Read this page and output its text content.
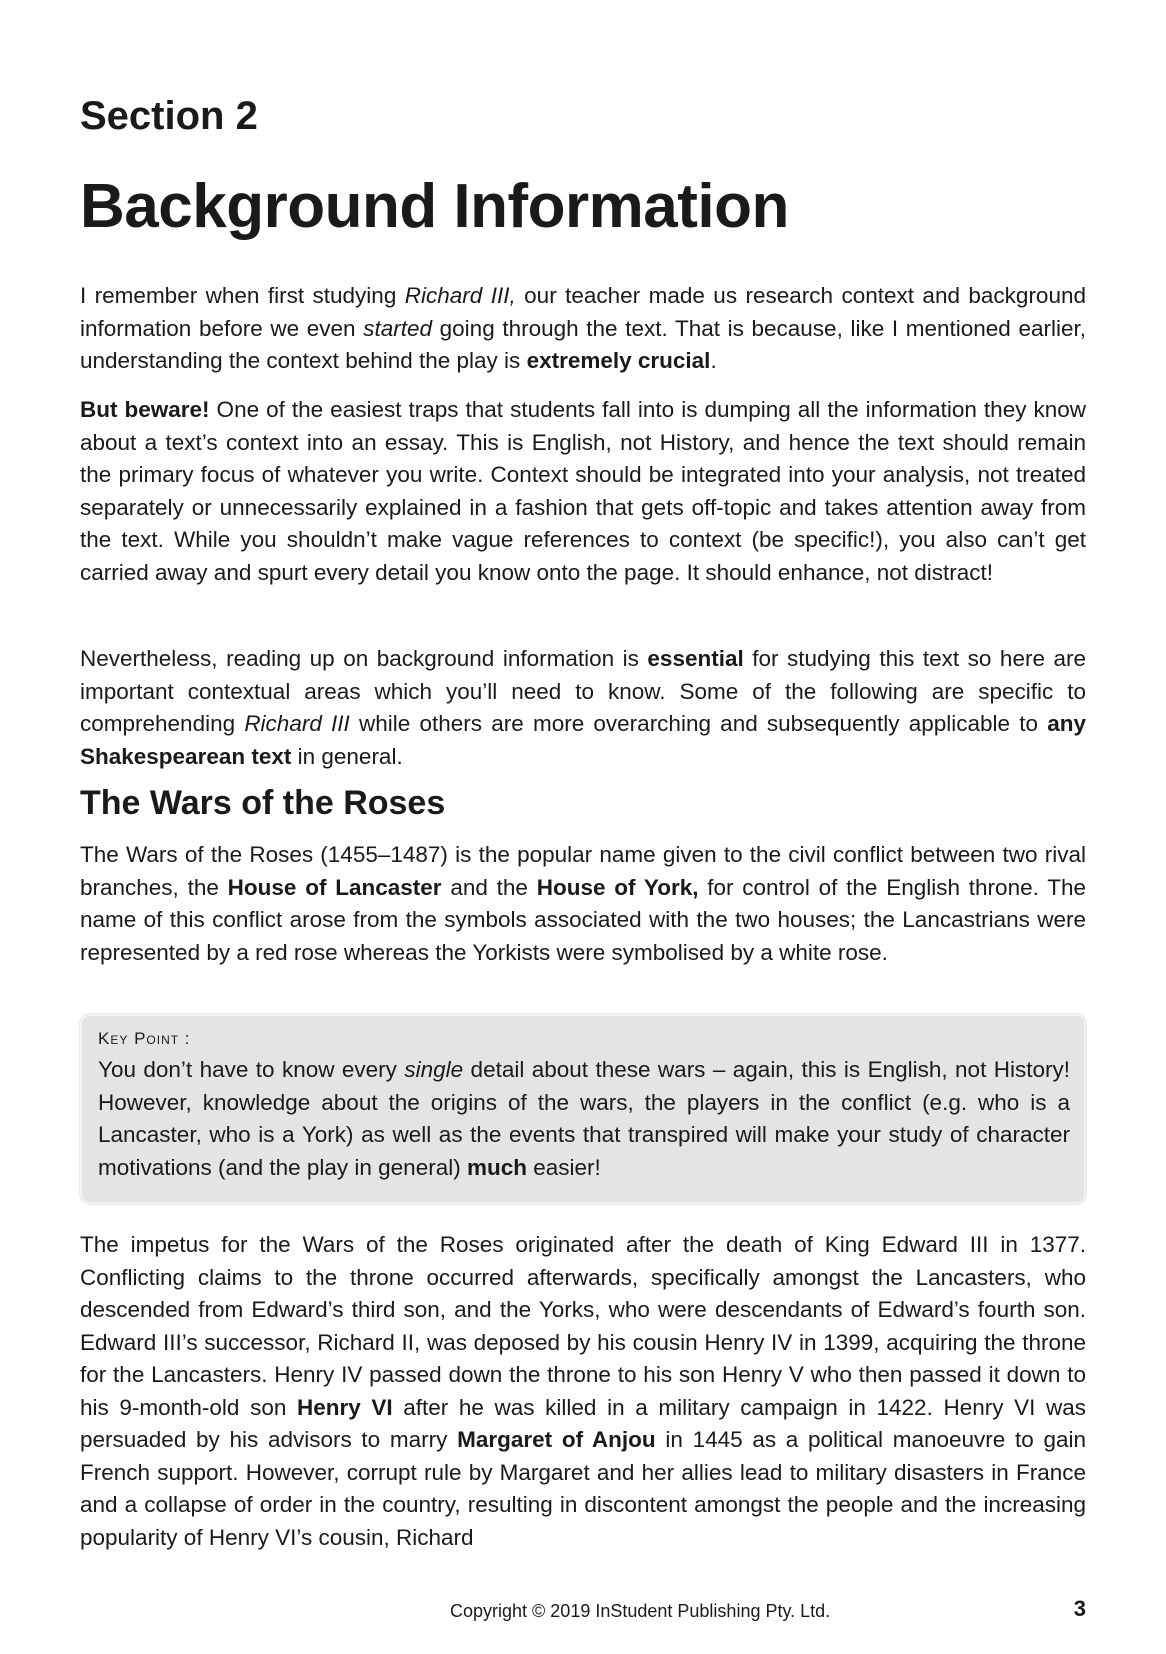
Section 2
Background Information

I remember when first studying Richard III, our teacher made us research context and background information before we even started going through the text. That is because, like I mentioned earlier, understanding the context behind the play is extremely crucial.

But beware! One of the easiest traps that students fall into is dumping all the information they know about a text’s context into an essay. This is English, not History, and hence the text should remain the primary focus of whatever you write. Context should be integrated into your analysis, not treated separately or unnecessarily explained in a fashion that gets off-topic and takes attention away from the text. While you shouldn’t make vague references to context (be specific!), you also can’t get carried away and spurt every detail you know onto the page. It should enhance, not distract!

Nevertheless, reading up on background information is essential for studying this text so here are important contextual areas which you’ll need to know. Some of the following are specific to comprehending Richard III while others are more overarching and subsequently applicable to any Shakespearean text in general.

The Wars of the Roses

The Wars of the Roses (1455–1487) is the popular name given to the civil conflict between two rival branches, the House of Lancaster and the House of York, for control of the English throne. The name of this conflict arose from the symbols associated with the two houses; the Lancastrians were represented by a red rose whereas the Yorkists were symbolised by a white rose.

Key Point :

You don’t have to know every single detail about these wars – again, this is English, not History! However, knowledge about the origins of the wars, the players in the conflict (e.g. who is a Lancaster, who is a York) as well as the events that transpired will make your study of character motivations (and the play in general) much easier!

The impetus for the Wars of the Roses originated after the death of King Edward III in 1377. Conflicting claims to the throne occurred afterwards, specifically amongst the Lancasters, who descended from Edward’s third son, and the Yorks, who were descendants of Edward’s fourth son. Edward III’s successor, Richard II, was deposed by his cousin Henry IV in 1399, acquiring the throne for the Lancasters. Henry IV passed down the throne to his son Henry V who then passed it down to his 9-month-old son Henry VI after he was killed in a military campaign in 1422. Henry VI was persuaded by his advisors to marry Margaret of Anjou in 1445 as a political manoeuvre to gain French support. However, corrupt rule by Margaret and her allies lead to military disasters in France and a collapse of order in the country, resulting in discontent amongst the people and the increasing popularity of Henry VI’s cousin, Richard

Copyright © 2019 InStudent Publishing Pty. Ltd.	3
